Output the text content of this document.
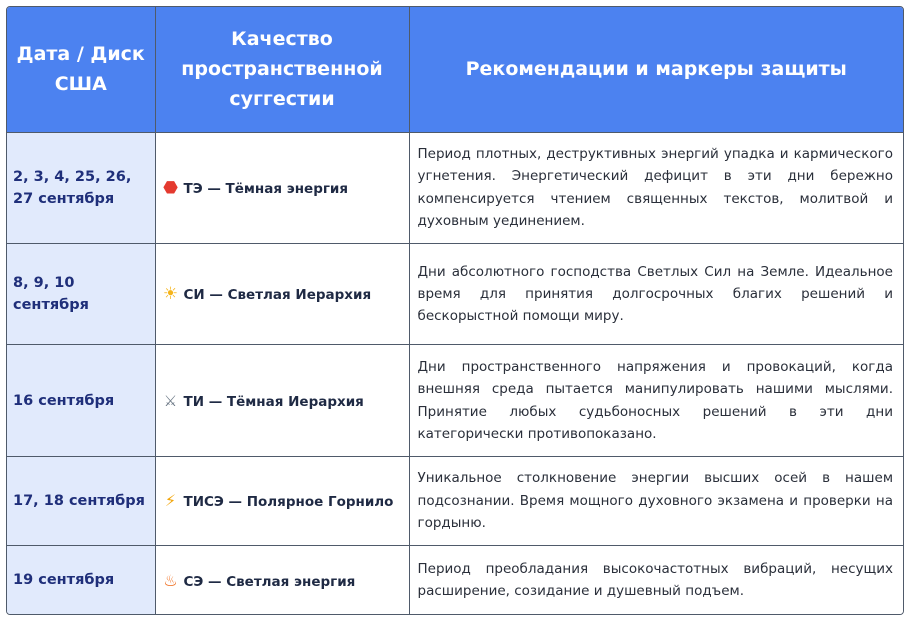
Дата / Диск США	Качество пространственной суггестии	Рекомендации и маркеры защиты
2, 3, 4, 25, 26, 27 сентября	⬣ ТЭ — Тёмная энергия	Период плотных, деструктивных энергий упадка и кармического угнетения. Энергетический дефицит в эти дни бережно компенсируется чтением священных текстов, молитвой и духовным уединением.
8, 9, 10 сентября	☀ СИ — Светлая Иерархия	Дни абсолютного господства Светлых Сил на Земле. Идеальное время для принятия долгосрочных благих решений и бескорыстной помощи миру.
16 сентября	⚔ ТИ — Тёмная Иерархия	Дни пространственного напряжения и провокаций, когда внешняя среда пытается манипулировать нашими мыслями. Принятие любых судьбоносных решений в эти дни категорически противопоказано.
17, 18 сентября	⚡ ТИСЭ — Полярное Горнило	Уникальное столкновение энергии высших осей в нашем подсознании. Время мощного духовного экзамена и проверки на гордыню.
19 сентября	♨ СЭ — Светлая энергия	Период преобладания высокочастотных вибраций, несущих расширение, созидание и душевный подъем.
